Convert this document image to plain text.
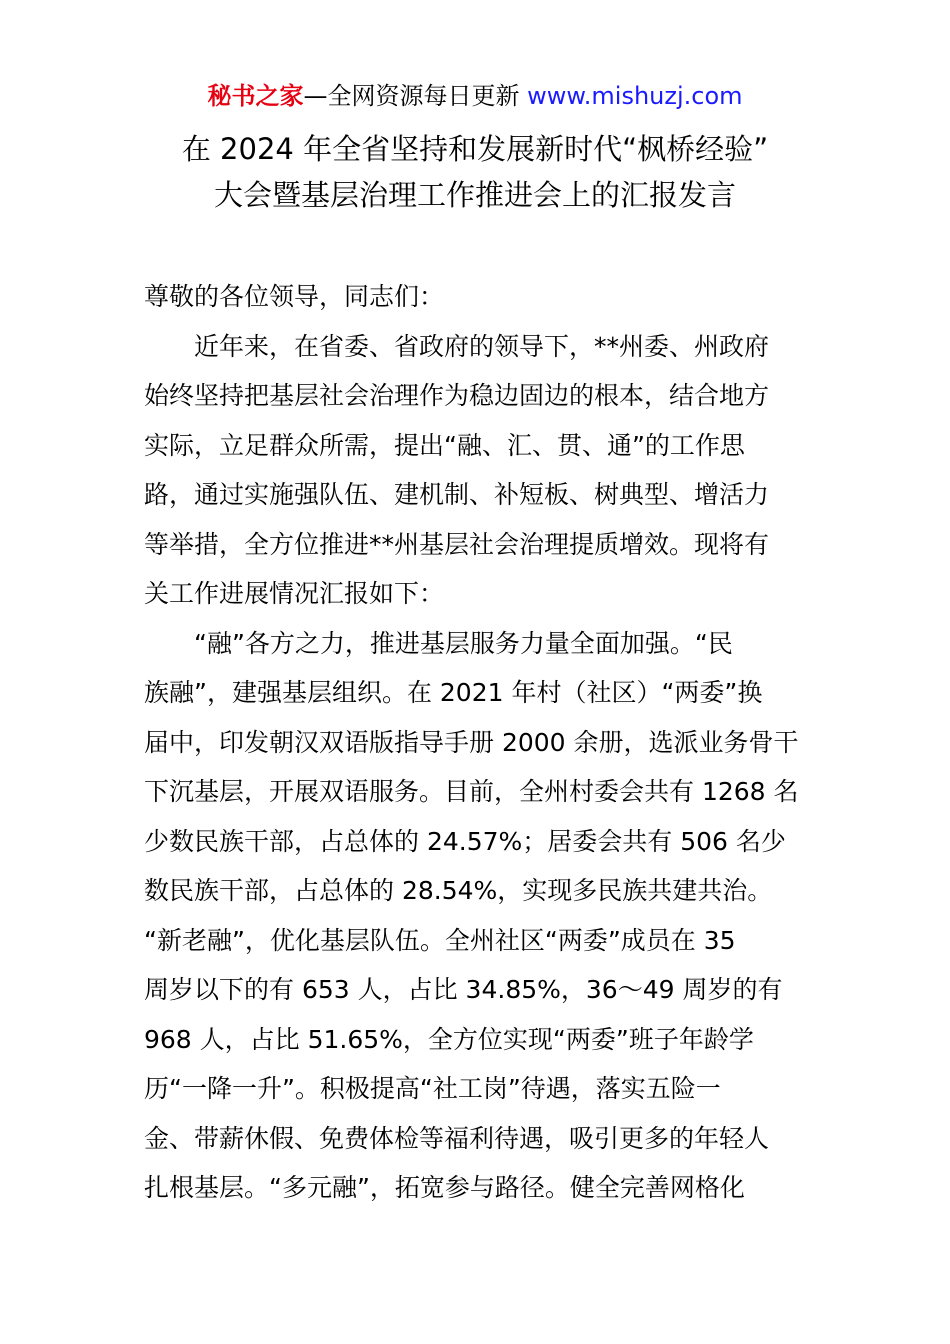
秘书之家—全网资源每日更新 www.mishuzj.com
在 2024 年全省坚持和发展新时代“枫桥经验”
大会暨基层治理工作推进会上的汇报发言
尊敬的各位领导，同志们：
　　近年来，在省委、省政府的领导下，**州委、州政府
始终坚持把基层社会治理作为稳边固边的根本，结合地方
实际，立足群众所需，提出“融、汇、贯、通”的工作思
路，通过实施强队伍、建机制、补短板、树典型、增活力
等举措，全方位推进**州基层社会治理提质增效。现将有
关工作进展情况汇报如下：
　　“融”各方之力，推进基层服务力量全面加强。“民
族融”，建强基层组织。在 2021 年村（社区）“两委”换
届中，印发朝汉双语版指导手册 2000 余册，选派业务骨干
下沉基层，开展双语服务。目前，全州村委会共有 1268 名
少数民族干部，占总体的 24.57%；居委会共有 506 名少
数民族干部，占总体的 28.54%，实现多民族共建共治。
“新老融”，优化基层队伍。全州社区“两委”成员在 35
周岁以下的有 653 人，占比 34.85%，36～49 周岁的有
968 人，占比 51.65%，全方位实现“两委”班子年龄学
历“一降一升”。积极提高“社工岗”待遇，落实五险一
金、带薪休假、免费体检等福利待遇，吸引更多的年轻人
扎根基层。“多元融”，拓宽参与路径。健全完善网格化
